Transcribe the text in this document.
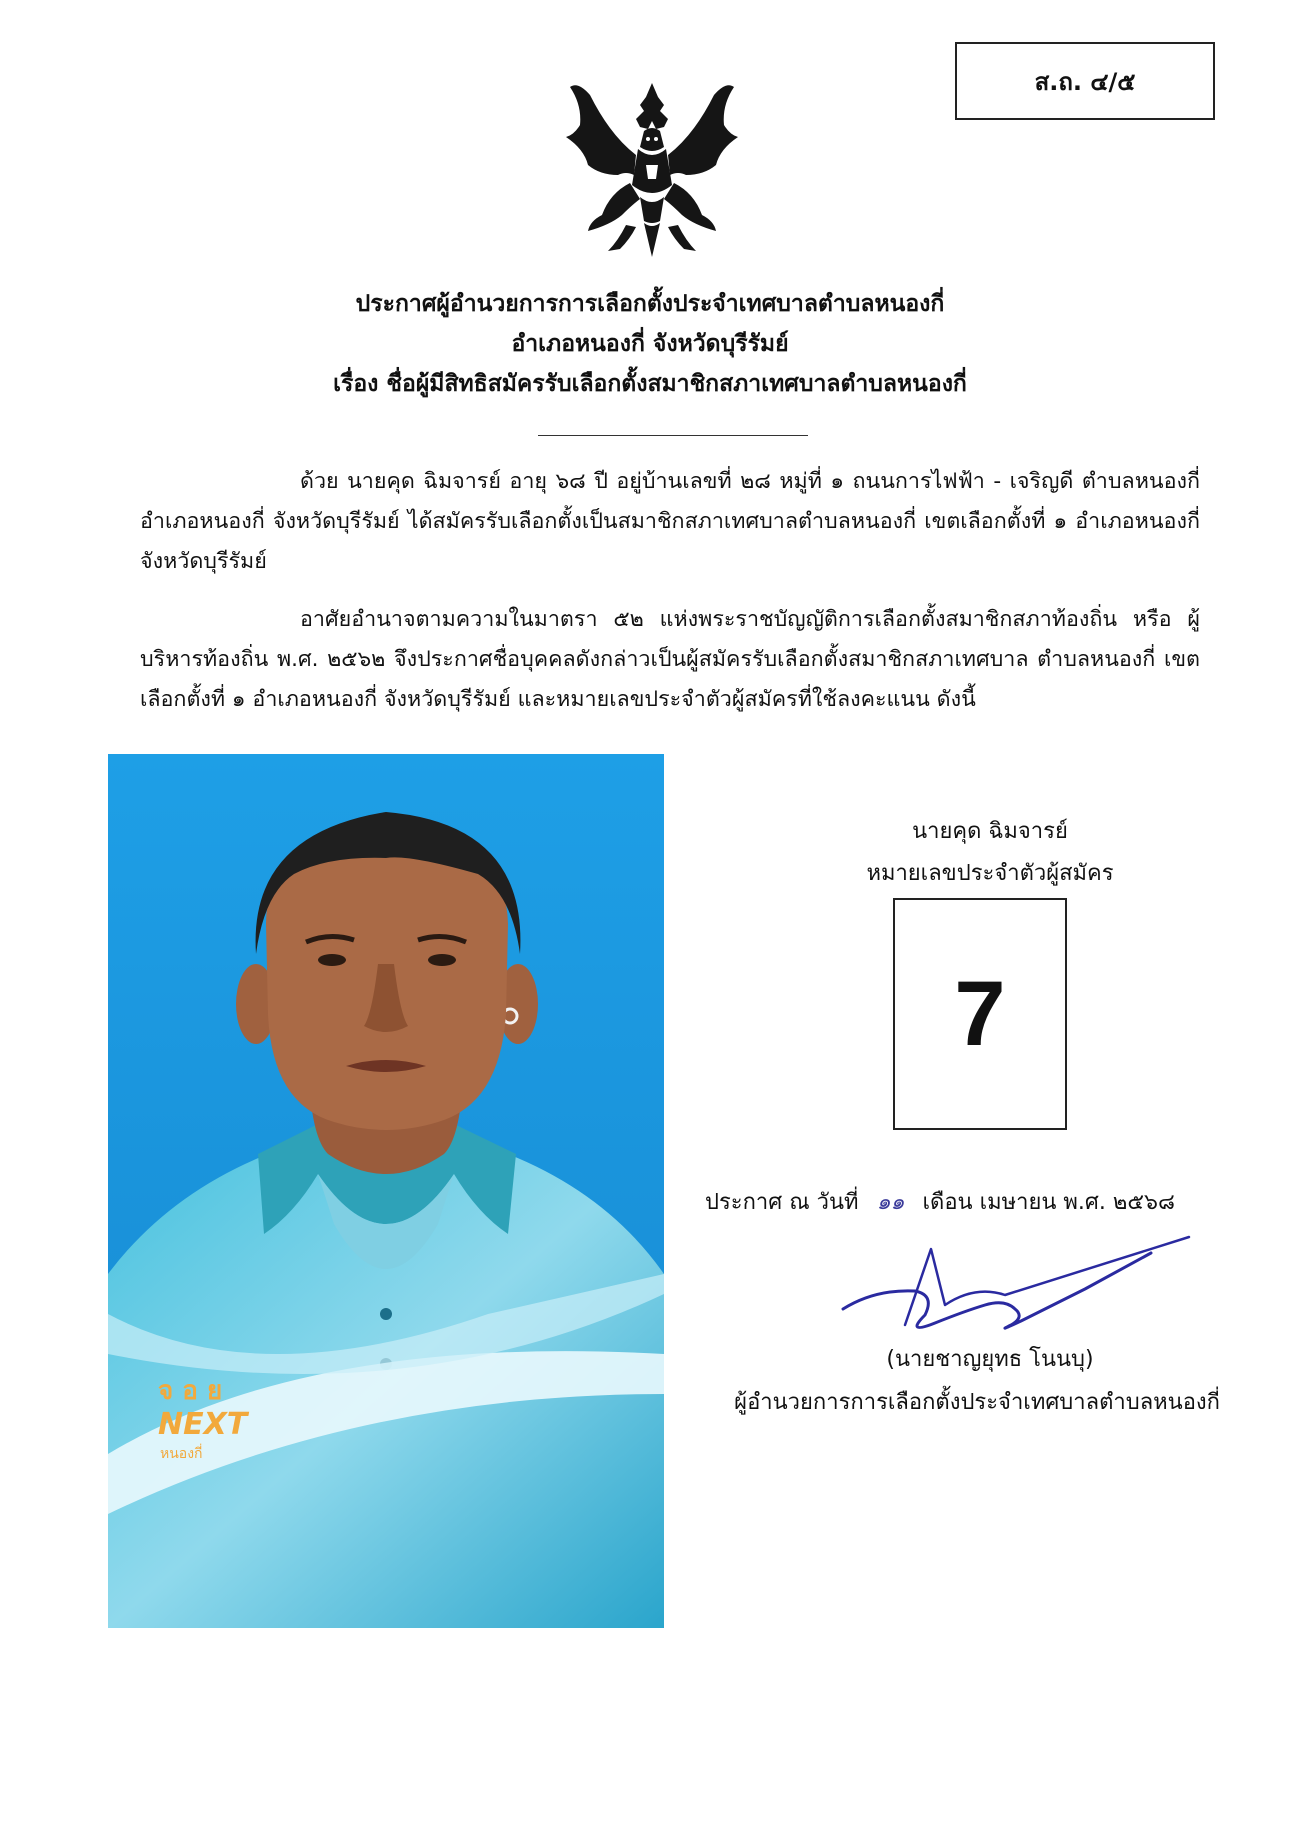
ส.ถ. ๔/๕
ประกาศผู้อำนวยการการเลือกตั้งประจำเทศบาลตำบลหนองกี่
อำเภอหนองกี่ จังหวัดบุรีรัมย์
เรื่อง ชื่อผู้มีสิทธิสมัครรับเลือกตั้งสมาชิกสภาเทศบาลตำบลหนองกี่
ด้วย นายคุด ฉิมจารย์ อายุ ๖๘ ปี อยู่บ้านเลขที่ ๒๘ หมู่ที่ ๑ ถนนการไฟฟ้า - เจริญดี ตำบลหนองกี่ อำเภอหนองกี่ จังหวัดบุรีรัมย์ ได้สมัครรับเลือกตั้งเป็นสมาชิกสภาเทศบาลตำบลหนองกี่ เขตเลือกตั้งที่ ๑ อำเภอหนองกี่ จังหวัดบุรีรัมย์
อาศัยอำนาจตามความในมาตรา ๕๒ แห่งพระราชบัญญัติการเลือกตั้งสมาชิกสภาท้องถิ่น หรือ ผู้บริหารท้องถิ่น พ.ศ. ๒๕๖๒ จึงประกาศชื่อบุคคลดังกล่าวเป็นผู้สมัครรับเลือกตั้งสมาชิกสภาเทศบาล ตำบลหนองกี่ เขตเลือกตั้งที่ ๑ อำเภอหนองกี่ จังหวัดบุรีรัมย์ และหมายเลขประจำตัวผู้สมัครที่ใช้ลงคะแนน ดังนี้
จ อ ย
NEXT
หนองกี่
นายคุด ฉิมจารย์
หมายเลขประจำตัวผู้สมัคร
7
ประกาศ ณ วันที่ ๑๑ เดือน เมษายน พ.ศ. ๒๕๖๘
(นายชาญยุทธ โนนบุ)
ผู้อำนวยการการเลือกตั้งประจำเทศบาลตำบลหนองกี่
